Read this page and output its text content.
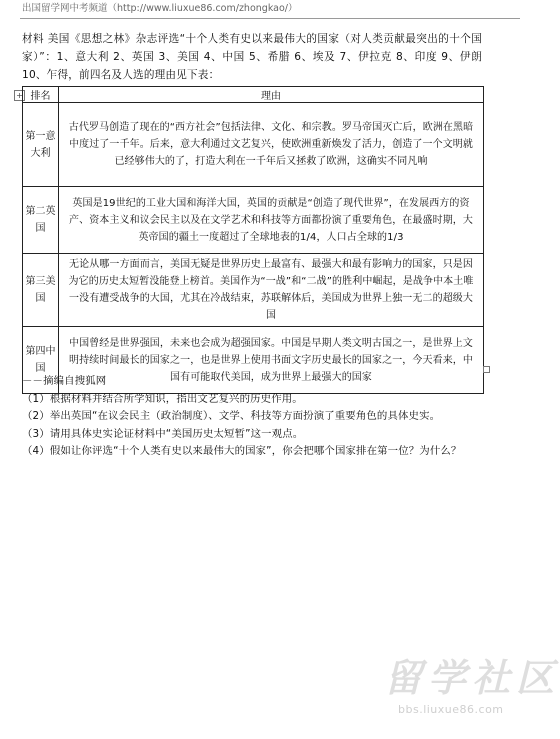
出国留学网中考频道（http://www.liuxue86.com/zhongkao/）
材料 美国《思想之林》杂志评选“十个人类有史以来最伟大的国家（对人类贡献最突出的十个国家）”：1、意大利 2、英国 3、美国 4、中国 5、希腊 6、埃及 7、伊拉克 8、印度 9、伊朗 10、乍得，前四名及人选的理由见下表：
+ 排名	理由
第一意大利	古代罗马创造了现在的“西方社会”包括法律、文化、和宗教。罗马帝国灭亡后，欧洲在黑暗中度过了一千年。后来，意大利通过文艺复兴，使欧洲重新焕发了活力，创造了一个文明就已经够伟大的了，打造大利在一千年后又拯救了欧洲，这确实不同凡响
第二英国	英国是19世纪的工业大国和海洋大国，英国的贡献是“创造了现代世界”，在发展西方的资产、资本主义和议会民主以及在文学艺术和科技等方面都扮演了重要角色，在最盛时期，大英帝国的疆土一度超过了全球地表的1/4，人口占全球的1/3
第三美国	无论从哪一方面而言，美国无疑是世界历史上最富有、最强大和最有影响力的国家，只是因为它的历史太短暂没能登上榜首。美国作为“一战”和“二战”的胜利中崛起，是战争中本土唯一没有遭受战争的大国，尤其在冷战结束，苏联解体后，美国成为世界上独一无二的超级大国
第四中国	中国曾经是世界强国，未来也会成为超强国家。中国是早期人类文明古国之一，是世界上文明持续时间最长的国家之一，也是世界上使用书面文字历史最长的国家之一，今天看来，中国有可能取代美国，成为世界上最强大的国家
－－摘编自搜狐网
（1）根据材料并结合所学知识，指出文艺复兴的历史作用。
（2）举出英国“在议会民主（政治制度）、文学、科技等方面扮演了重要角色的具体史实。
（3）请用具体史实论证材料中“美国历史太短暂”这一观点。
（4）假如让你评选“十个人类有史以来最伟大的国家”，你会把哪个国家排在第一位？为什么？
留学社区
bbs.liuxue86.com
